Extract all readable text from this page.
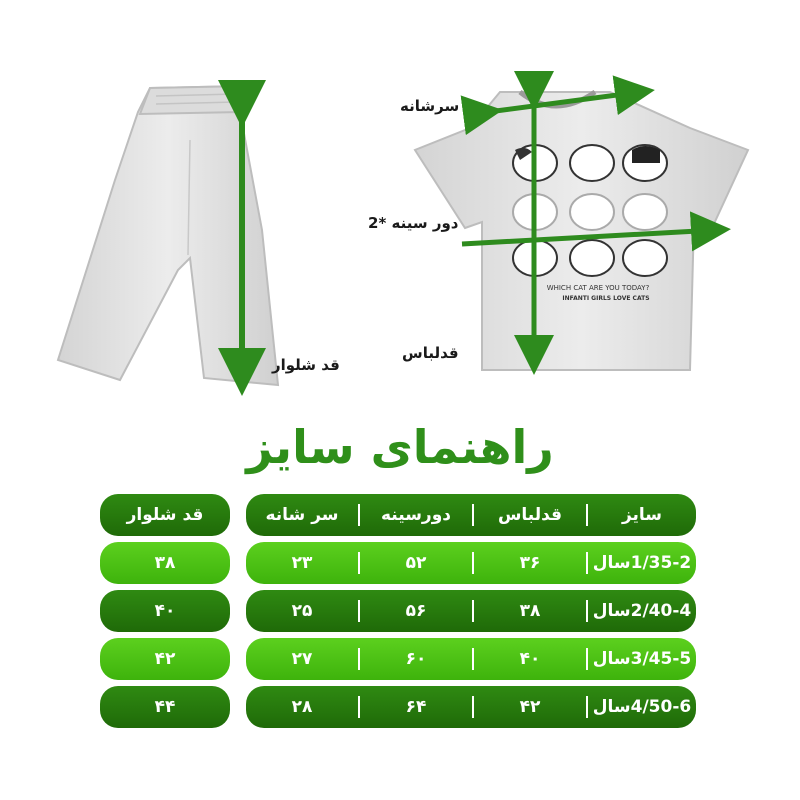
WHICH CAT ARE YOU TODAY?
INFANTI GIRLS LOVE CATS
سرشانه
دور سینه *2
قدلباس
قد شلوار
راهنمای سایز
قد شلوار
۳۸
۴۰
۴۲
۴۴
سایز
قدلباس
دورسینه
سر شانه
1/35-2سال
۳۶
۵۲
۲۳
2/40-4سال
۳۸
۵۶
۲۵
3/45-5سال
۴۰
۶۰
۲۷
4/50-6سال
۴۲
۶۴
۲۸
